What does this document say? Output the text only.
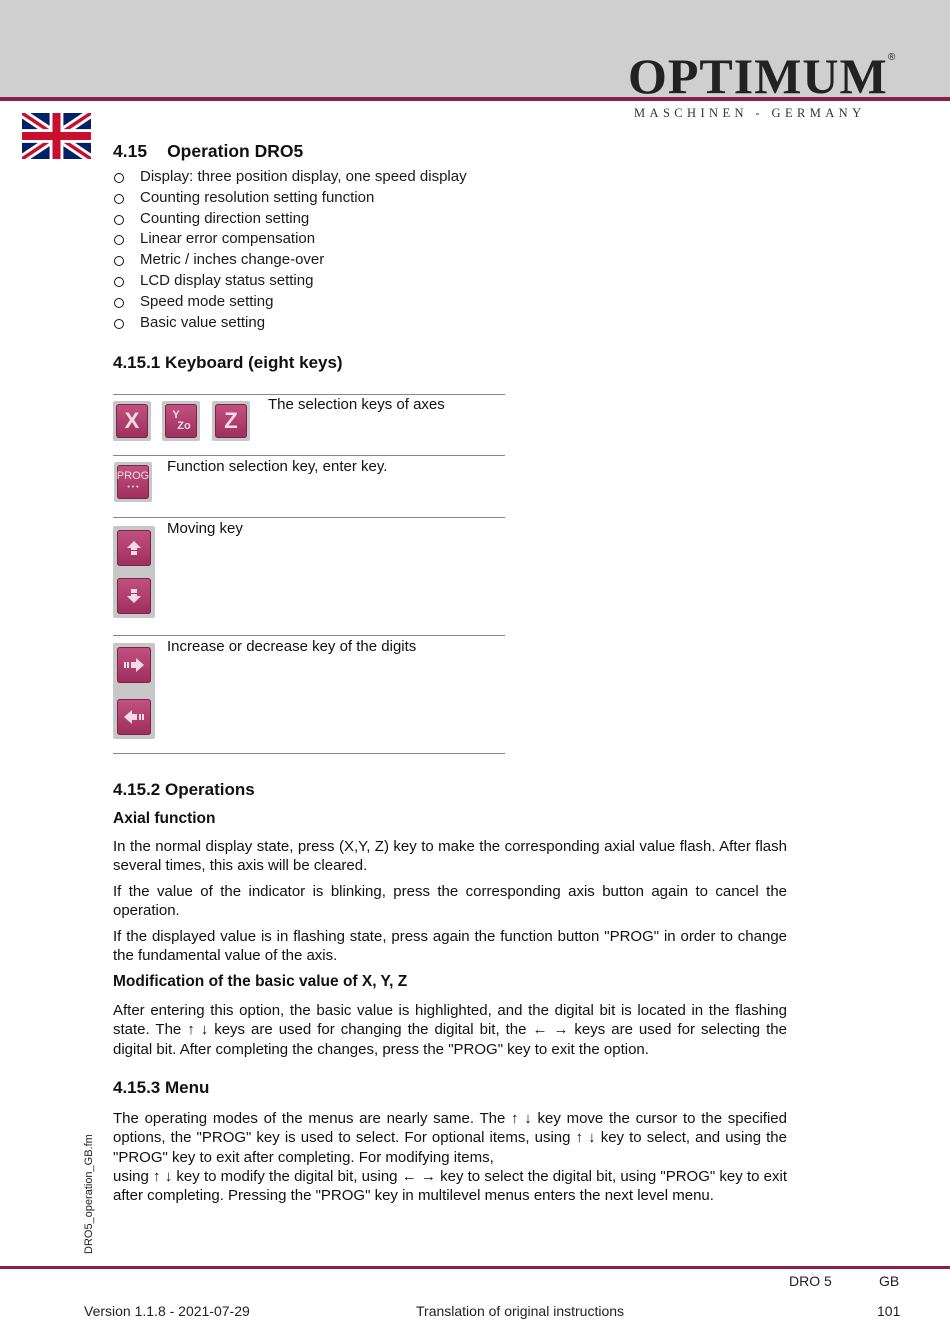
OPTIMUM ®
MASCHINEN - GERMANY
4.15 Operation DRO5
Display: three position display, one speed display
Counting resolution setting function
Counting direction setting
Linear error compensation
Metric / inches change-over
LCD display status setting
Speed mode setting
Basic value setting
4.15.1 Keyboard (eight keys)
X	Y
Zo Z
The selection keys of axes
PROG
• • •
Function selection key, enter key.
Moving key
Increase or decrease key of the digits
4.15.2 Operations
Axial function

In the normal display state, press (X,Y, Z) key to make the corresponding axial value flash. After flash several times, this axis will be cleared.

If the value of the indicator is blinking, press the corresponding axis button again to cancel the operation.

If the displayed value is in flashing state, press again the function button "PROG" in order to change the fundamental value of the axis.

Modification of the basic value of X, Y, Z

After entering this option, the basic value is highlighted, and the digital bit is located in the flashing state. The ↑ ↓ keys are used for changing the digital bit, the ← → keys are used for selecting the digital bit. After completing the changes, press the "PROG" key to exit the option.

4.15.3 Menu

The operating modes of the menus are nearly same. The ↑ ↓ key move the cursor to the specified options, the "PROG" key is used to select. For optional items, using ↑ ↓ key to select, and using the "PROG" key to exit after completing. For modifying items,

using ↑ ↓ key to modify the digital bit, using ← → key to select the digital bit, using "PROG" key to exit after completing. Pressing the "PROG" key in multilevel menus enters the next level menu.

DRO5_operation_GB.fm
DRO 5	GB
Version 1.1.8 - 2021-07-29	Translation of original instructions	101
